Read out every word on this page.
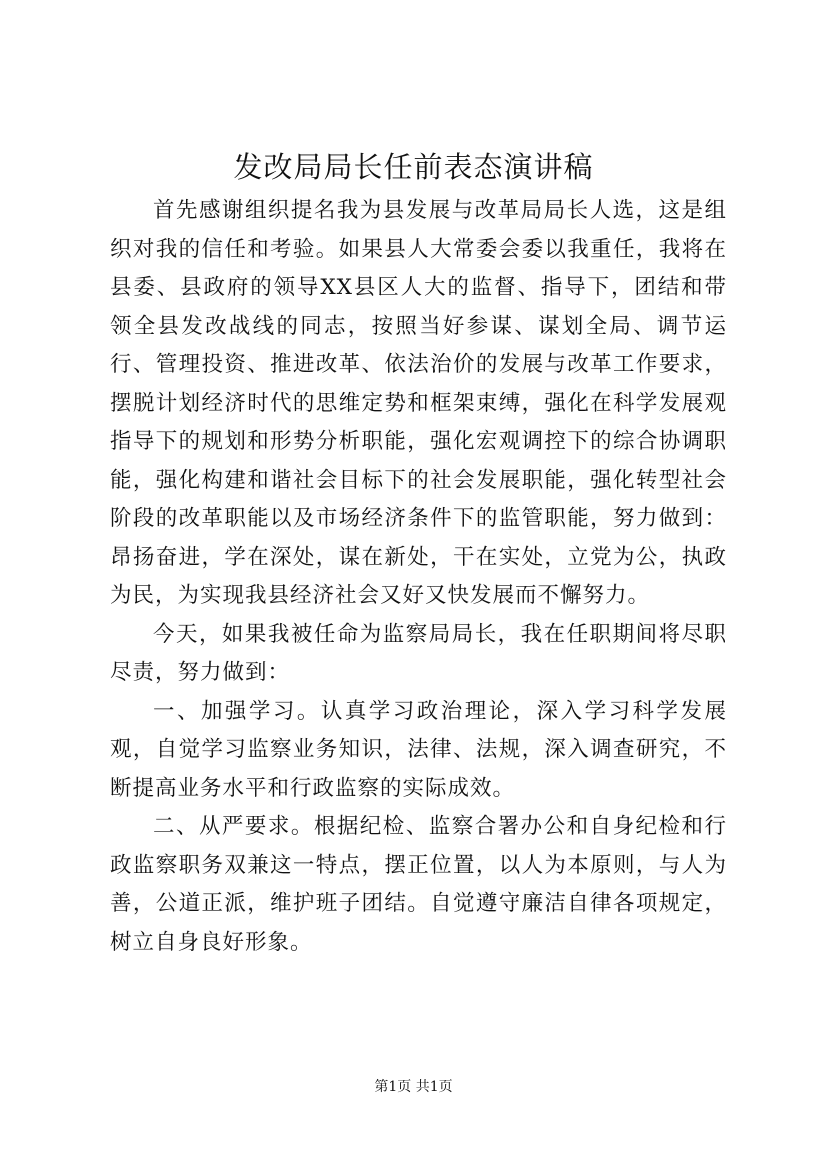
发改局局长任前表态演讲稿

首先感谢组织提名我为县发展与改革局局长人选，这是组织对我的信任和考验。如果县人大常委会委以我重任，我将在县委、县政府的领导XX县区人大的监督、指导下，团结和带领全县发改战线的同志，按照当好参谋、谋划全局、调节运行、管理投资、推进改革、依法治价的发展与改革工作要求，摆脱计划经济时代的思维定势和框架束缚，强化在科学发展观指导下的规划和形势分析职能，强化宏观调控下的综合协调职能，强化构建和谐社会目标下的社会发展职能，强化转型社会阶段的改革职能以及市场经济条件下的监管职能，努力做到：昂扬奋进，学在深处，谋在新处，干在实处，立党为公，执政为民，为实现我县经济社会又好又快发展而不懈努力。

今天，如果我被任命为监察局局长，我在任职期间将尽职尽责，努力做到：

一、加强学习。认真学习政治理论，深入学习科学发展观，自觉学习监察业务知识，法律、法规，深入调查研究，不断提高业务水平和行政监察的实际成效。

二、从严要求。根据纪检、监察合署办公和自身纪检和行政监察职务双兼这一特点，摆正位置，以人为本原则，与人为善，公道正派，维护班子团结。自觉遵守廉洁自律各项规定，树立自身良好形象。

第1页 共1页
